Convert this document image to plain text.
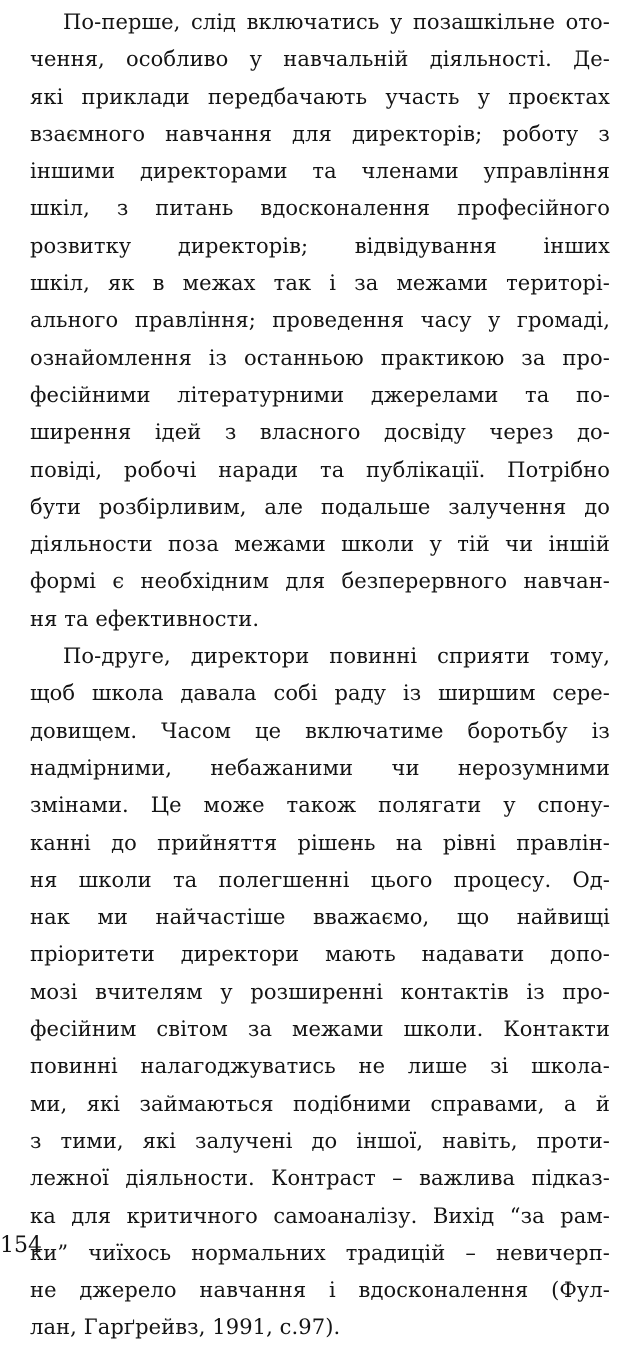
По-перше, слід включатись у позашкільне ото-
чення, особливо у навчальній діяльності. Де-
які приклади передбачають участь у проєктах
взаємного навчання для директорів; роботу з
іншими директорами та членами управління
шкіл, з питань вдосконалення професійного
розвитку директорів; відвідування інших
шкіл, як в межах так і за межами територі-
ального правління; проведення часу у громаді,
ознайомлення із останньою практикою за про-
фесійними літературними джерелами та по-
ширення ідей з власного досвіду через до-
повіді, робочі наради та публікації. Потрібно
бути розбірливим, але подальше залучення до
діяльности поза межами школи у тій чи іншій
формі є необхідним для безперервного навчан-
ня та ефективности.
По-друге, директори повинні сприяти тому,
щоб школа давала собі раду із ширшим сере-
довищем. Часом це включатиме боротьбу із
надмірними, небажаними чи нерозумними
змінами. Це може також полягати у спону-
канні до прийняття рішень на рівні правлін-
ня школи та полегшенні цього процесу. Од-
нак ми найчастіше вважаємо, що найвищі
пріоритети директори мають надавати допо-
мозі вчителям у розширенні контактів із про-
фесійним світом за межами школи. Контакти
повинні налагоджуватись не лише зі школа-
ми, які займаються подібними справами, а й
з тими, які залучені до іншої, навіть, проти-
лежної діяльности. Контраст – важлива підказ-
ка для критичного самоаналізу. Вихід “за рам-
ки” чиїхось нормальних традицій – невичерп-
не джерело навчання і вдосконалення (Фул-
лан, Гарґрейвз, 1991, с.97).
154
